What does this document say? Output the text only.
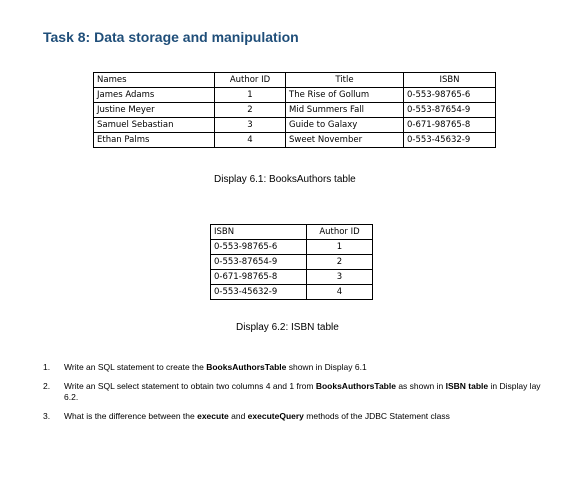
Task 8: Data storage and manipulation
Names	Author ID	Title	ISBN
James Adams	1	The Rise of Gollum	0-553-98765-6
Justine Meyer	2	Mid Summers Fall	0-553-87654-9
Samuel Sebastian	3	Guide to Galaxy	0-671-98765-8
Ethan Palms	4	Sweet November	0-553-45632-9
Display 6.1: BooksAuthors table
ISBN	Author ID
0-553-98765-6	1
0-553-87654-9	2
0-671-98765-8	3
0-553-45632-9	4
Display 6.2: ISBN table
1. Write an SQL statement to create the BooksAuthorsTable shown in Display 6.1
2. Write an SQL select statement to obtain two columns 4 and 1 from BooksAuthorsTable as shown in ISBN table in Display lay 6.2.
3. What is the difference between the execute and executeQuery methods of the JDBC Statement class
